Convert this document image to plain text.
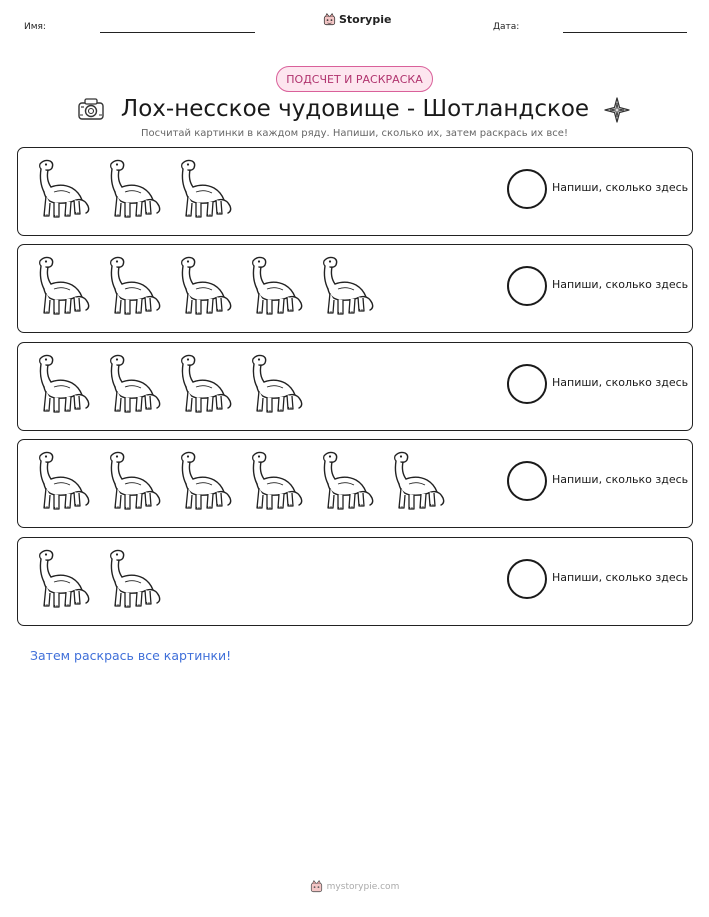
Имя:
Storypie
Дата:
ПОДСЧЕТ И РАСКРАСКА
Лох-несское чудовище - Шотландское
Посчитай картинки в каждом ряду. Напиши, сколько их, затем раскрась их все!
Напиши, сколько здесь
Напиши, сколько здесь
Напиши, сколько здесь
Напиши, сколько здесь
Напиши, сколько здесь
Затем раскрась все картинки!
mystorypie.com
